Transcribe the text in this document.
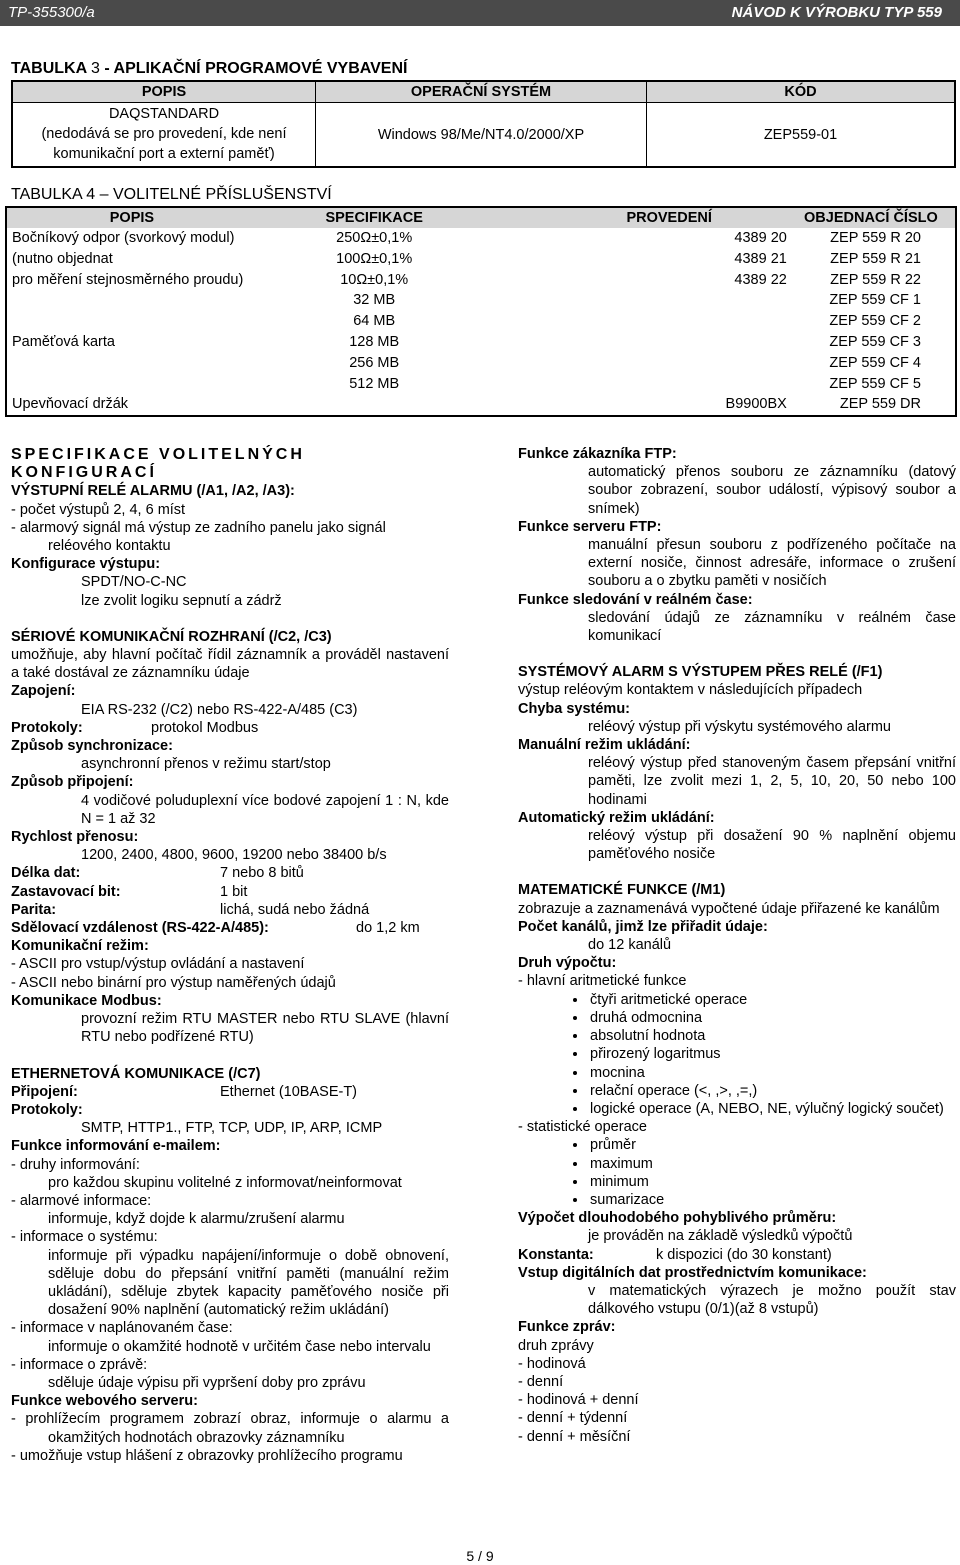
TP-355300/a	NÁVOD K VÝROBKU TYP 559
TABULKA 3 - APLIKAČNÍ PROGRAMOVÉ VYBAVENÍ
POPIS	OPERAČNÍ SYSTÉM	KÓD

DAQSTANDARD
(nedodává se pro provedení, kde není
komunikační port a externí paměť)	Windows 98/Me/NT4.0/2000/XP	ZEP559-01
TABULKA 4 – VOLITELNÉ PŘÍSLUŠENSTVÍ
POPIS	SPECIFIKACE	PROVEDENÍ	OBJEDNACÍ ČÍSLO
Bočníkový odpor (svorkový modul)	250Ω±0,1%	4389 20	ZEP 559 R 20
(nutno objednat	100Ω±0,1%	4389 21	ZEP 559 R 21
pro měření stejnosměrného proudu)	10Ω±0,1%	4389 22	ZEP 559 R 22
	32 MB		ZEP 559 CF 1
	64 MB		ZEP 559 CF 2
Paměťová karta	128 MB		ZEP 559 CF 3
	256 MB		ZEP 559 CF 4
	512 MB		ZEP 559 CF 5
Upevňovací držák		B9900BX	ZEP 559 DR

SPECIFIKACE VOLITELNÝCH

KONFIGURACÍ

VÝSTUPNÍ RELÉ ALARMU (/A1, /A2, /A3):

- počet výstupů 2, 4, 6 míst

- alarmový signál má výstup ze zadního panelu jako signál reléového kontaktu

Konfigurace výstupu:

SPDT/NO-C-NC

lze zvolit logiku sepnutí a zádrž

SÉRIOVÉ KOMUNIKAČNÍ ROZHRANÍ (/C2, /C3)

umožňuje, aby hlavní počítač řídil záznamník a prováděl nastavení a také dostával ze záznamníku údaje

Zapojení:

EIA RS-232 (/C2) nebo RS-422-A/485 (C3)

Protokoly:	protokol Modbus

Způsob synchronizace:

asynchronní přenos v režimu start/stop

Způsob připojení:

4 vodičové poluduplexní více bodové zapojení 1 : N, kde N = 1 až 32

Rychlost přenosu:

1200, 2400, 4800, 9600, 19200 nebo 38400 b/s

Délka dat:	7 nebo 8 bitů

Zastavovací bit:	1 bit

Parita:	lichá, sudá nebo žádná

Sdělovací vzdálenost (RS-422-A/485):	do 1,2 km

Komunikační režim:

- ASCII pro vstup/výstup ovládání a nastavení

- ASCII nebo binární pro výstup naměřených údajů

Komunikace Modbus:

provozní režim RTU MASTER nebo RTU SLAVE (hlavní RTU nebo podřízené RTU)

ETHERNETOVÁ KOMUNIKACE (/C7)

Připojení:	Ethernet (10BASE-T)

Protokoly:

SMTP, HTTP1., FTP, TCP, UDP, IP, ARP, ICMP

Funkce informování e-mailem:

- druhy informování:

pro každou skupinu volitelné z informovat/neinformovat

- alarmové informace:

informuje, když dojde k alarmu/zrušení alarmu

- informace o systému:

informuje při výpadku napájení/informuje o době obnovení, sděluje dobu do přepsání vnitřní paměti (manuální režim ukládání), sděluje zbytek kapacity paměťového nosiče při dosažení 90% naplnění (automatický režim ukládání)

- informace v naplánovaném čase:

informuje o okamžité hodnotě v určitém čase nebo intervalu

- informace o zprávě:

sděluje údaje výpisu při vypršení doby pro zprávu

Funkce webového serveru:

- prohlížecím programem zobrazí obraz, informuje o alarmu a okamžitých hodnotách obrazovky záznamníku

- umožňuje vstup hlášení z obrazovky prohlížecího programu

Funkce zákazníka FTP:

automatický přenos souboru ze záznamníku (datový soubor zobrazení, soubor událostí, výpisový soubor a snímek)

Funkce serveru FTP:

manuální přesun souboru z podřízeného počítače na externí nosiče, činnost adresáře, informace o zrušení souboru a o zbytku paměti v nosičích

Funkce sledování v reálném čase:

sledování údajů ze záznamníku v reálném čase komunikací

SYSTÉMOVÝ ALARM S VÝSTUPEM PŘES RELÉ (/F1)

výstup reléovým kontaktem v následujících případech

Chyba systému:

reléový výstup při výskytu systémového alarmu

Manuální režim ukládání:

reléový výstup před stanoveným časem přepsání vnitřní paměti, lze zvolit mezi 1, 2, 5, 10, 20, 50 nebo 100 hodinami

Automatický režim ukládání:

reléový výstup při dosažení 90 % naplnění objemu paměťového nosiče

MATEMATICKÉ FUNKCE (/M1)

zobrazuje a zaznamenává vypočtené údaje přiřazené ke kanálům

Počet kanálů, jimž lze přiřadit údaje:

do 12 kanálů

Druh výpočtu:

- hlavní aritmetické funkce

• čtyři aritmetické operace
• druhá odmocnina
• absolutní hodnota
• přirozený logaritmus
• mocnina
• relační operace (<, ,>, ,=,)
• logické operace (A, NEBO, NE, výlučný logický součet)

- statistické operace

• průměr
• maximum
• minimum
• sumarizace

Výpočet dlouhodobého pohyblivého průměru:

je prováděn na základě výsledků výpočtů

Konstanta:	k dispozici (do 30 konstant)

Vstup digitálních dat prostřednictvím komunikace:

v matematických výrazech je možno použít stav dálkového vstupu (0/1)(až 8 vstupů)

Funkce zpráv:

druh zprávy

- hodinová

- denní

- hodinová + denní

- denní + týdenní

- denní + měsíční

5 / 9
